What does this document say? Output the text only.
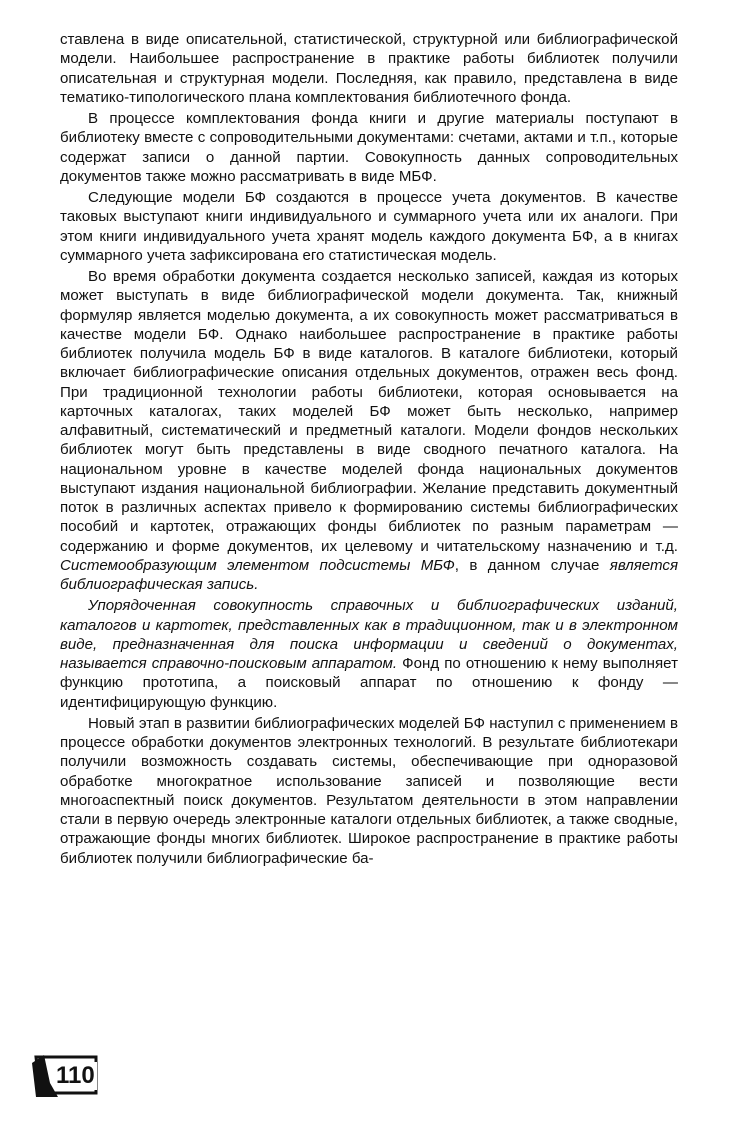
ставлена в виде описательной, статистической, структурной или библиографической модели. Наибольшее распространение в практике работы библиотек получили описательная и структурная модели. Последняя, как правило, представлена в виде тематико-типологического плана комплектования библиотечного фонда.

В процессе комплектования фонда книги и другие материалы поступают в библиотеку вместе с сопроводительными документами: счетами, актами и т.п., которые содержат записи о данной партии. Совокупность данных сопроводительных документов также можно рассматривать в виде МБФ.

Следующие модели БФ создаются в процессе учета документов. В качестве таковых выступают книги индивидуального и суммарного учета или их аналоги. При этом книги индивидуального учета хранят модель каждого документа БФ, а в книгах суммарного учета зафиксирована его статистическая модель.

Во время обработки документа создается несколько записей, каждая из которых может выступать в виде библиографической модели документа. Так, книжный формуляр является моделью документа, а их совокупность может рассматриваться в качестве модели БФ. Однако наибольшее распространение в практике работы библиотек получила модель БФ в виде каталогов. В каталоге библиотеки, который включает библиографические описания отдельных документов, отражен весь фонд. При традиционной технологии работы библиотеки, которая основывается на карточных каталогах, таких моделей БФ может быть несколько, например алфавитный, систематический и предметный каталоги. Модели фондов нескольких библиотек могут быть представлены в виде сводного печатного каталога. На национальном уровне в качестве моделей фонда национальных документов выступают издания национальной библиографии. Желание представить документный поток в различных аспектах привело к формированию системы библиографических пособий и картотек, отражающих фонды библиотек по разным параметрам — содержанию и форме документов, их целевому и читательскому назначению и т.д. Системообразующим элементом подсистемы МБФ, в данном случае является библиографическая запись.

Упорядоченная совокупность справочных и библиографических изданий, каталогов и картотек, представленных как в традиционном, так и в электронном виде, предназначенная для поиска информации и сведений о документах, называется справочно-поисковым аппаратом. Фонд по отношению к нему выполняет функцию прототипа, а поисковый аппарат по отношению к фонду — идентифицирующую функцию.

Новый этап в развитии библиографических моделей БФ наступил с применением в процессе обработки документов электронных технологий. В результате библиотекари получили возможность создавать системы, обеспечивающие при одноразовой обработке многократное использование записей и позволяющие вести многоаспектный поиск документов. Результатом деятельности в этом направлении стали в первую очередь электронные каталоги отдельных библиотек, а также сводные, отражающие фонды многих библиотек. Широкое распространение в практике работы библиотек получили библиографические ба-

110
